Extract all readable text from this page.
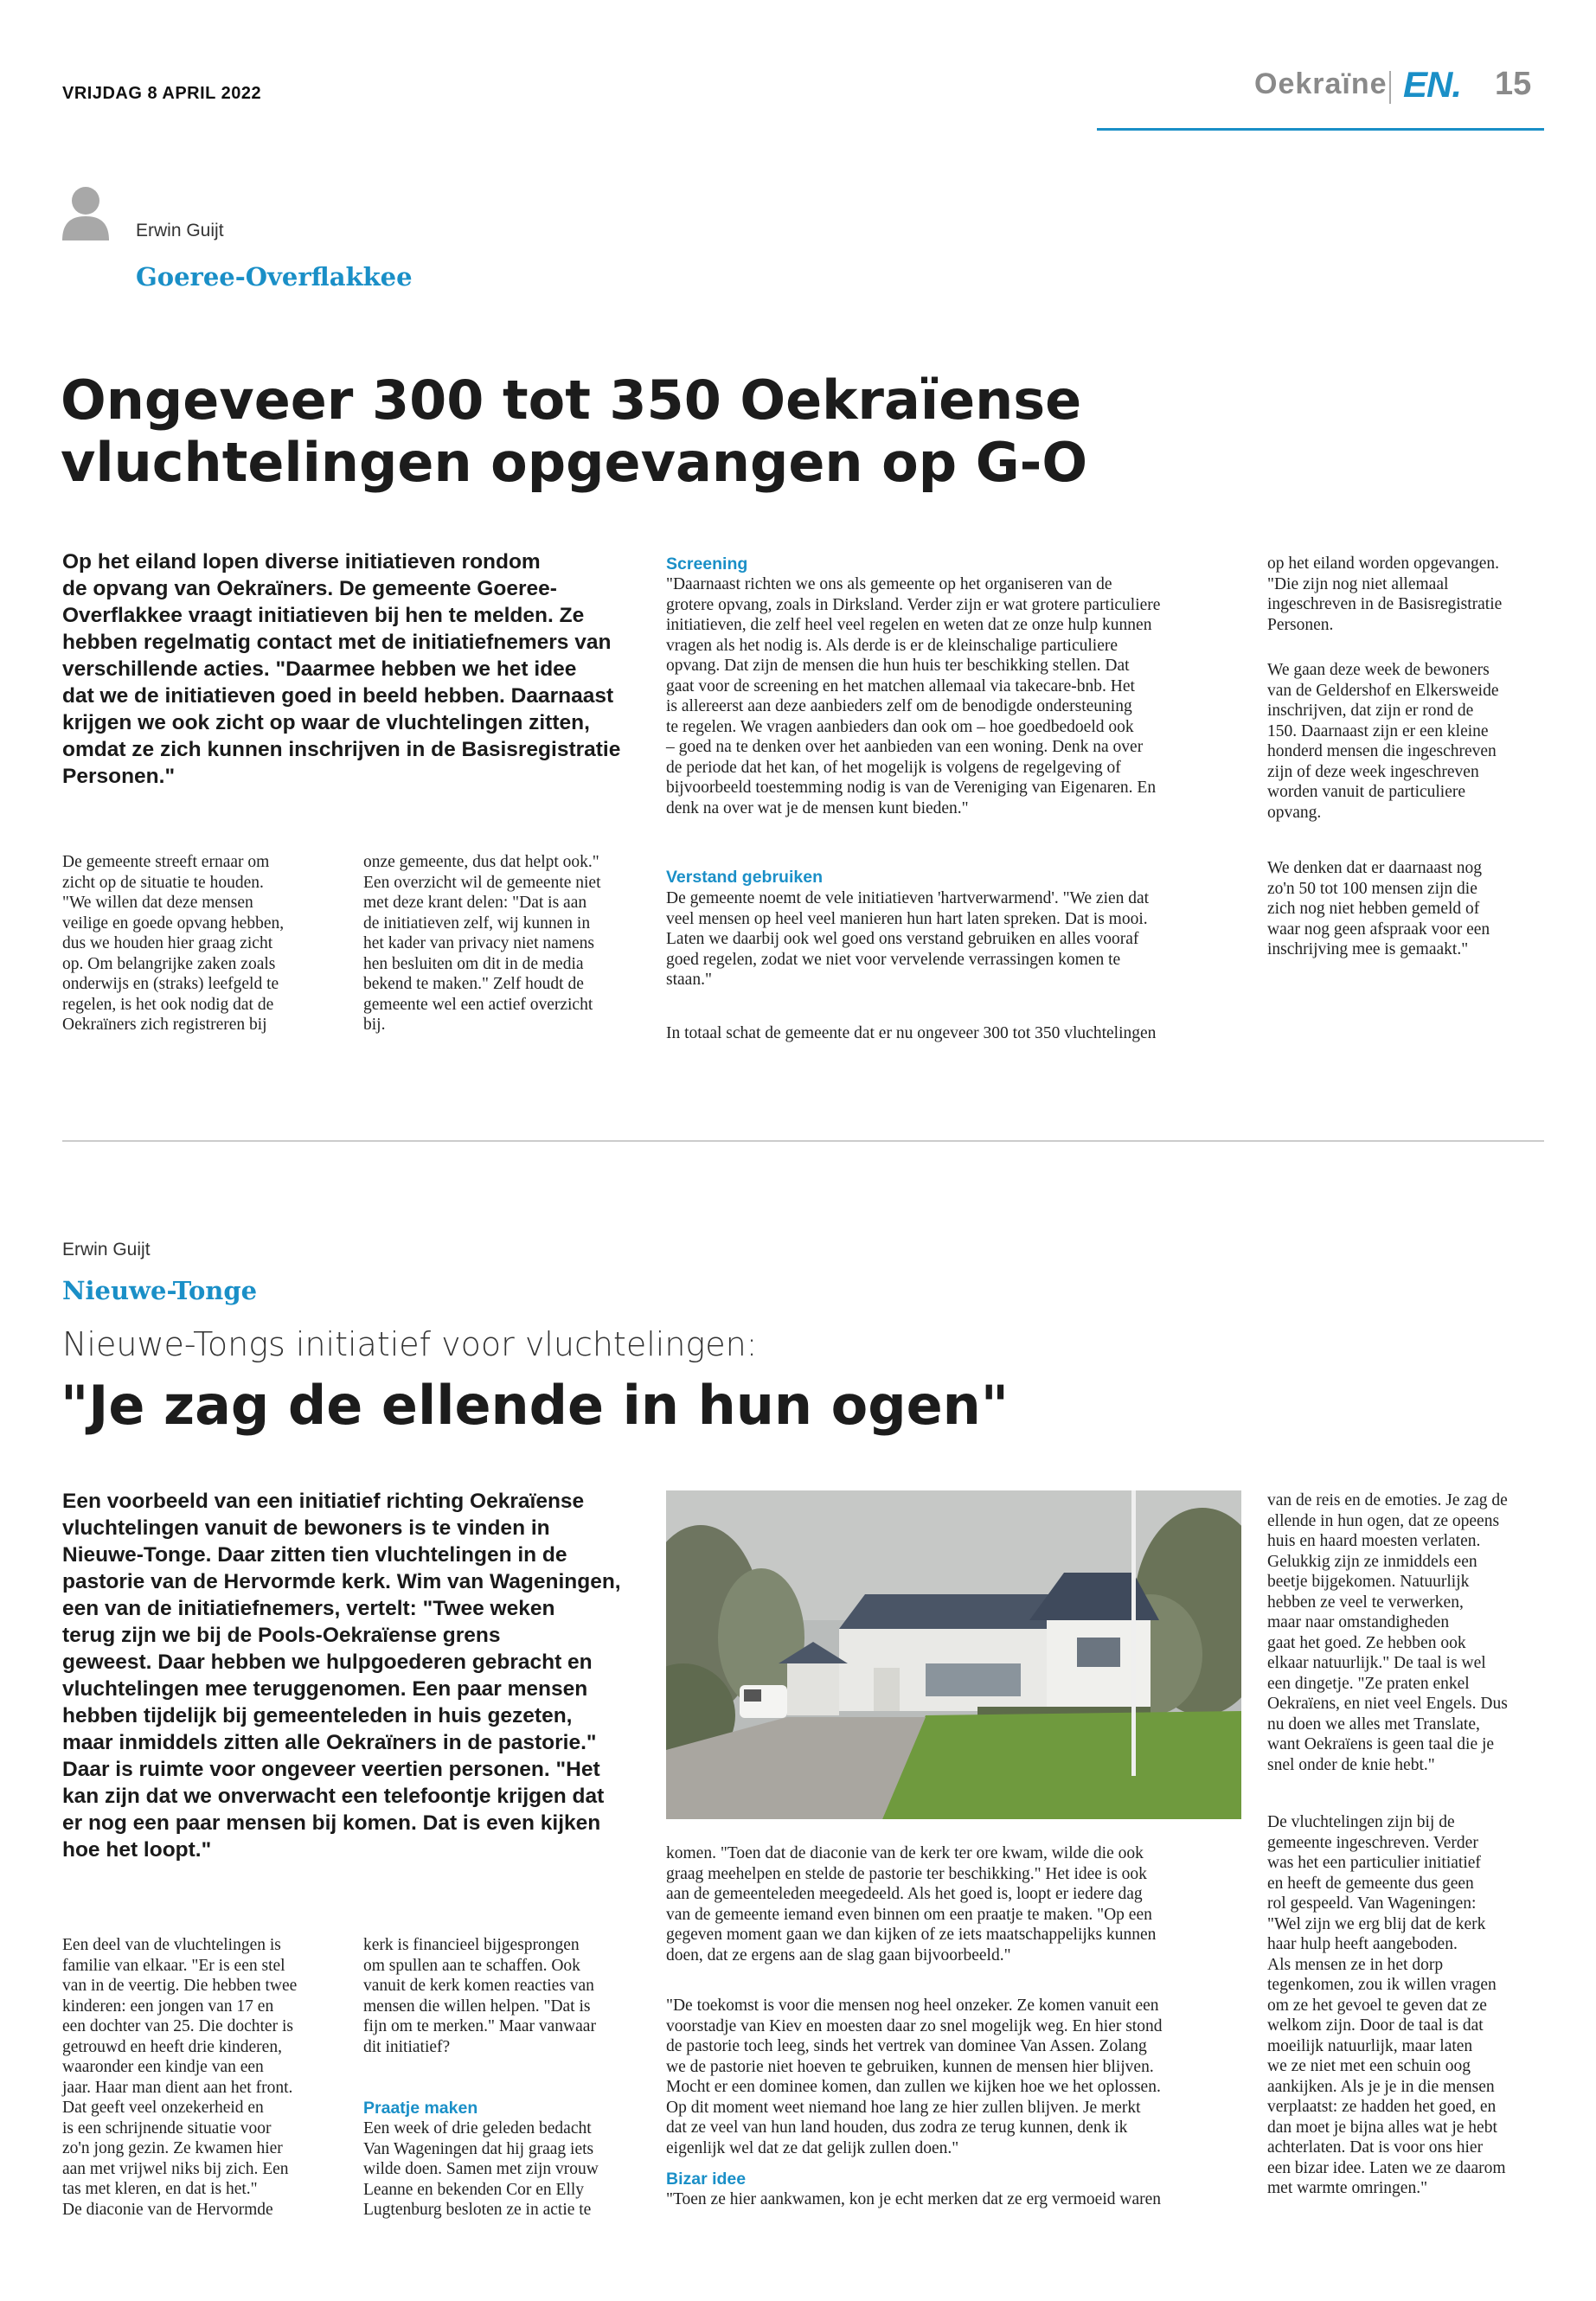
VRIJDAG 8 APRIL 2022	Oekraïne EN. 15
Erwin Guijt
Goeree-Overflakkee
Ongeveer 300 tot 350 Oekraïense
vluchtelingen opgevangen op G-O
Op het eiland lopen diverse initiatieven rondom
de opvang van Oekraïners. De gemeente Goeree-
Overflakkee vraagt initiatieven bij hen te melden. Ze
hebben regelmatig contact met de initiatiefnemers van
verschillende acties. "Daarmee hebben we het idee
dat we de initiatieven goed in beeld hebben. Daarnaast
krijgen we ook zicht op waar de vluchtelingen zitten,
omdat ze zich kunnen inschrijven in de Basisregistratie
Personen."
De gemeente streeft ernaar om
zicht op de situatie te houden.
"We willen dat deze mensen
veilige en goede opvang hebben,
dus we houden hier graag zicht
op. Om belangrijke zaken zoals
onderwijs en (straks) leefgeld te
regelen, is het ook nodig dat de
Oekraïners zich registreren bij
onze gemeente, dus dat helpt ook."
Een overzicht wil de gemeente niet
met deze krant delen: "Dat is aan
de initiatieven zelf, wij kunnen in
het kader van privacy niet namens
hen besluiten om dit in de media
bekend te maken." Zelf houdt de
gemeente wel een actief overzicht
bij.
Screening
"Daarnaast richten we ons als gemeente op het organiseren van de
grotere opvang, zoals in Dirksland. Verder zijn er wat grotere particuliere
initiatieven, die zelf heel veel regelen en weten dat ze onze hulp kunnen
vragen als het nodig is. Als derde is er de kleinschalige particuliere
opvang. Dat zijn de mensen die hun huis ter beschikking stellen. Dat
gaat voor de screening en het matchen allemaal via takecare-bnb. Het
is allereerst aan deze aanbieders zelf om de benodigde ondersteuning
te regelen. We vragen aanbieders dan ook om – hoe goedbedoeld ook
– goed na te denken over het aanbieden van een woning. Denk na over
de periode dat het kan, of het mogelijk is volgens de regelgeving of
bijvoorbeeld toestemming nodig is van de Vereniging van Eigenaren. En
denk na over wat je de mensen kunt bieden."
Verstand gebruiken
De gemeente noemt de vele initiatieven 'hartverwarmend'. "We zien dat
veel mensen op heel veel manieren hun hart laten spreken. Dat is mooi.
Laten we daarbij ook wel goed ons verstand gebruiken en alles vooraf
goed regelen, zodat we niet voor vervelende verrassingen komen te
staan."
In totaal schat de gemeente dat er nu ongeveer 300 tot 350 vluchtelingen
op het eiland worden opgevangen.
"Die zijn nog niet allemaal
ingeschreven in de Basisregistratie
Personen.
We gaan deze week de bewoners
van de Geldershof en Elkersweide
inschrijven, dat zijn er rond de
150. Daarnaast zijn er een kleine
honderd mensen die ingeschreven
zijn of deze week ingeschreven
worden vanuit de particuliere
opvang.
We denken dat er daarnaast nog
zo'n 50 tot 100 mensen zijn die
zich nog niet hebben gemeld of
waar nog geen afspraak voor een
inschrijving mee is gemaakt."
Erwin Guijt
Nieuwe-Tonge
Nieuwe-Tongs initiatief voor vluchtelingen:
"Je zag de ellende in hun ogen"
Een voorbeeld van een initiatief richting Oekraïense
vluchtelingen vanuit de bewoners is te vinden in
Nieuwe-Tonge. Daar zitten tien vluchtelingen in de
pastorie van de Hervormde kerk. Wim van Wageningen,
een van de initiatiefnemers, vertelt: "Twee weken
terug zijn we bij de Pools-Oekraïense grens
geweest. Daar hebben we hulpgoederen gebracht en
vluchtelingen mee teruggenomen. Een paar mensen
hebben tijdelijk bij gemeenteleden in huis gezeten,
maar inmiddels zitten alle Oekraïners in de pastorie."
Daar is ruimte voor ongeveer veertien personen. "Het
kan zijn dat we onverwacht een telefoontje krijgen dat
er nog een paar mensen bij komen. Dat is even kijken
hoe het loopt."
Een deel van de vluchtelingen is
familie van elkaar. "Er is een stel
van in de veertig. Die hebben twee
kinderen: een jongen van 17 en
een dochter van 25. Die dochter is
getrouwd en heeft drie kinderen,
waaronder een kindje van een
jaar. Haar man dient aan het front.
Dat geeft veel onzekerheid en
is een schrijnende situatie voor
zo'n jong gezin. Ze kwamen hier
aan met vrijwel niks bij zich. Een
tas met kleren, en dat is het."
De diaconie van de Hervormde
kerk is financieel bijgesprongen
om spullen aan te schaffen. Ook
vanuit de kerk komen reacties van
mensen die willen helpen. "Dat is
fijn om te merken." Maar vanwaar
dit initiatief?
Praatje maken
Een week of drie geleden bedacht
Van Wageningen dat hij graag iets
wilde doen. Samen met zijn vrouw
Leanne en bekenden Cor en Elly
Lugtenburg besloten ze in actie te
komen. "Toen dat de diaconie van de kerk ter ore kwam, wilde die ook
graag meehelpen en stelde de pastorie ter beschikking." Het idee is ook
aan de gemeenteleden meegedeeld. Als het goed is, loopt er iedere dag
van de gemeente iemand even binnen om een praatje te maken. "Op een
gegeven moment gaan we dan kijken of ze iets maatschappelijks kunnen
doen, dat ze ergens aan de slag gaan bijvoorbeeld."
"De toekomst is voor die mensen nog heel onzeker. Ze komen vanuit een
voorstadje van Kiev en moesten daar zo snel mogelijk weg. En hier stond
de pastorie toch leeg, sinds het vertrek van dominee Van Assen. Zolang
we de pastorie niet hoeven te gebruiken, kunnen de mensen hier blijven.
Mocht er een dominee komen, dan zullen we kijken hoe we het oplossen.
Op dit moment weet niemand hoe lang ze hier zullen blijven. Je merkt
dat ze veel van hun land houden, dus zodra ze terug kunnen, denk ik
eigenlijk wel dat ze dat gelijk zullen doen."
Bizar idee
"Toen ze hier aankwamen, kon je echt merken dat ze erg vermoeid waren
van de reis en de emoties. Je zag de
ellende in hun ogen, dat ze opeens
huis en haard moesten verlaten.
Gelukkig zijn ze inmiddels een
beetje bijgekomen. Natuurlijk
hebben ze veel te verwerken,
maar naar omstandigheden
gaat het goed. Ze hebben ook
elkaar natuurlijk." De taal is wel
een dingetje. "Ze praten enkel
Oekraïens, en niet veel Engels. Dus
nu doen we alles met Translate,
want Oekraïens is geen taal die je
snel onder de knie hebt."
De vluchtelingen zijn bij de
gemeente ingeschreven. Verder
was het een particulier initiatief
en heeft de gemeente dus geen
rol gespeeld. Van Wageningen:
"Wel zijn we erg blij dat de kerk
haar hulp heeft aangeboden.
Als mensen ze in het dorp
tegenkomen, zou ik willen vragen
om ze het gevoel te geven dat ze
welkom zijn. Door de taal is dat
moeilijk natuurlijk, maar laten
we ze niet met een schuin oog
aankijken. Als je je in die mensen
verplaatst: ze hadden het goed, en
dan moet je bijna alles wat je hebt
achterlaten. Dat is voor ons hier
een bizar idee. Laten we ze daarom
met warmte omringen."
